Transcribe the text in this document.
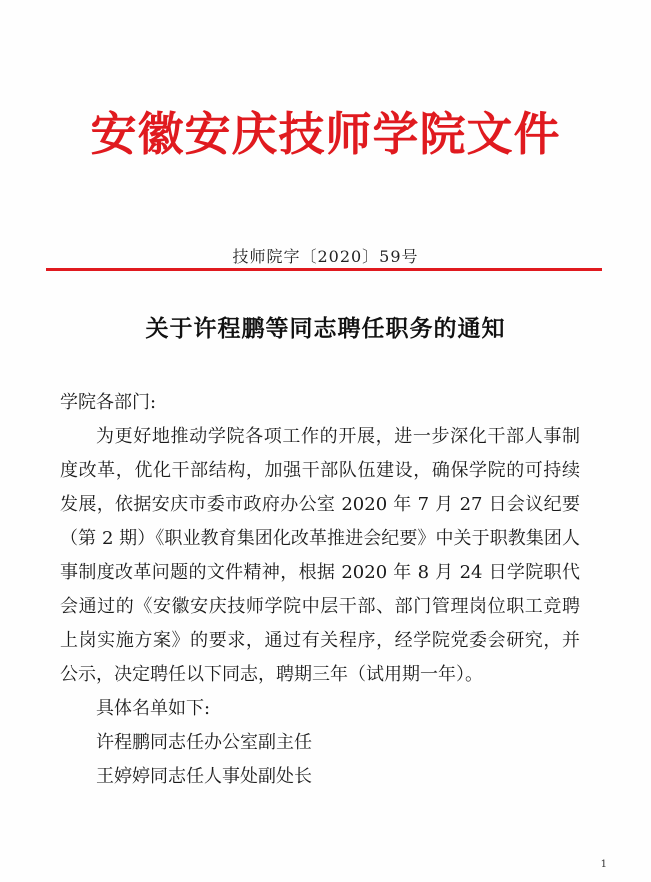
安徽安庆技师学院文件
技师院字〔2020〕59号
关于许程鹏等同志聘任职务的通知

学院各部门:

为更好地推动学院各项工作的开展，进一步深化干部人事制度改革，优化干部结构，加强干部队伍建设，确保学院的可持续发展，依据安庆市委市政府办公室 2020 年 7 月 27 日会议纪要（第 2 期）《职业教育集团化改革推进会纪要》中关于职教集团人事制度改革问题的文件精神，根据 2020 年 8 月 24 日学院职代会通过的《安徽安庆技师学院中层干部、部门管理岗位职工竞聘上岗实施方案》的要求，通过有关程序，经学院党委会研究，并公示，决定聘任以下同志，聘期三年（试用期一年）。

具体名单如下:

许程鹏同志任办公室副主任

王婷婷同志任人事处副处长

1
